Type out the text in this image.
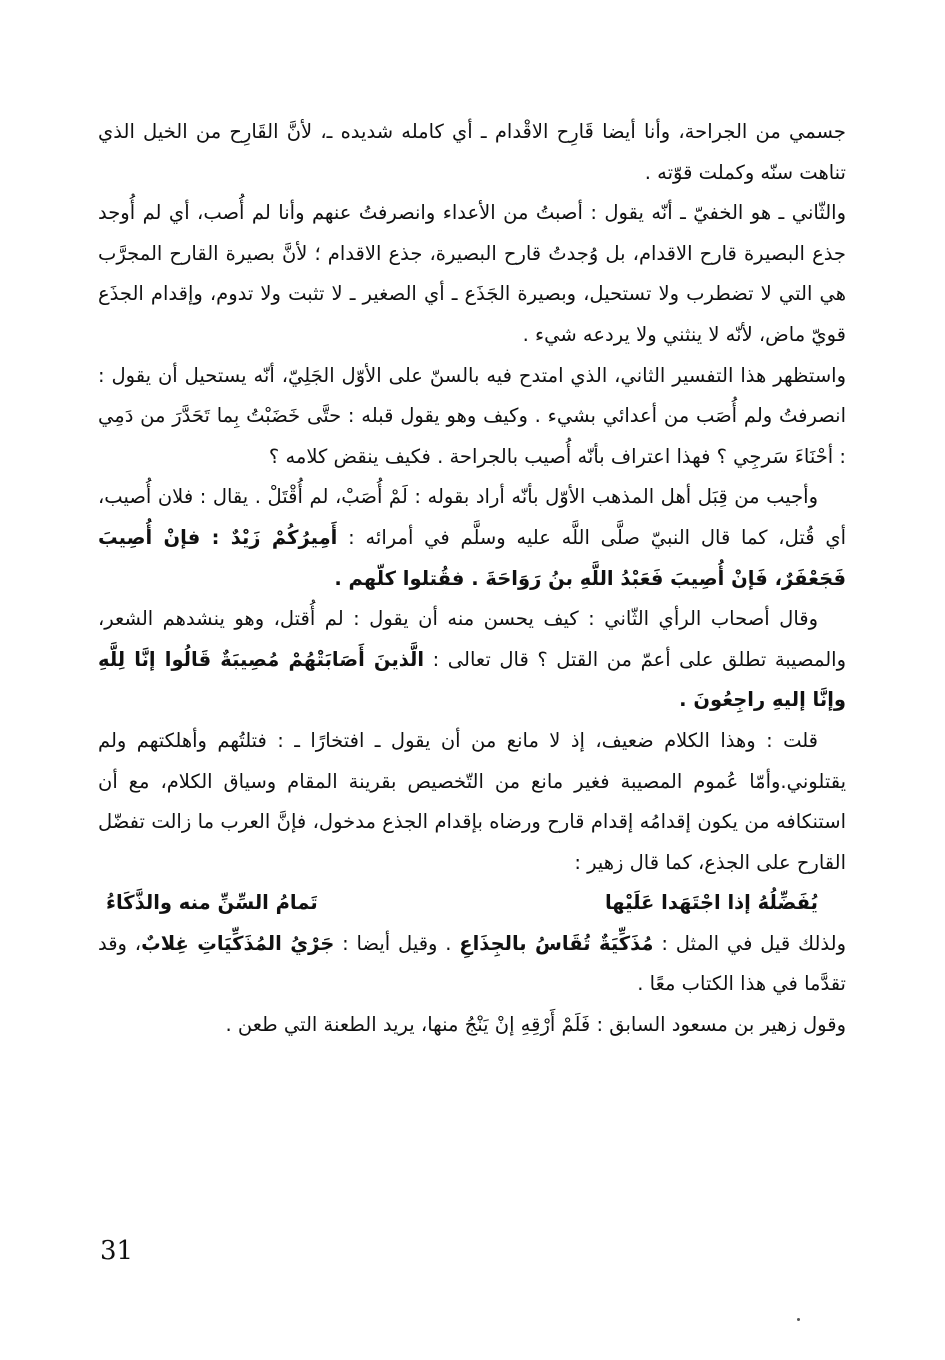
جسمي من الجراحة، وأنا أيضا قَارِح الاقْدام ـ أي كامله شديده ـ، لأنَّ القَارِح من الخيل الذي تناهت سنّه وكملت قوّته .

والثّاني ـ هو الخفيّ ـ أنّه يقول : أصبتُ من الأعداء وانصرفتُ عنهم وأنا لم أُصب، أي لم أُوجد جذع البصيرة قارح الاقدام، بل وُجدتُ قارح البصيرة، جذع الاقدام ؛ لأنَّ بصيرة القارح المجرَّب هي التي لا تضطرب ولا تستحيل، وبصيرة الجَذَع ـ أي الصغير ـ لا تثبت ولا تدوم، وإقدام الجذَع قويّ ماض، لأنّه لا ينثني ولا يردعه شيء .

واستظهر هذا التفسير الثاني، الذي امتدح فيه بالسنّ على الأوّل الجَلِيّ، أنّه يستحيل أن يقول : انصرفتُ ولم أُصَب من أعدائي بشيء . وكيف وهو يقول قبله : حتَّى خَضَبْتُ بِما تَحَدَّرَ من دَمِي : أحْنَاءَ سَرجِي ؟ فهذا اعتراف بأنّه أُصيب بالجراحة . فكيف ينقض كلامه ؟

وأجيب من قِبَل أهل المذهب الأوّل بأنّه أراد بقوله : لَمْ أُصَبْ، لم أُقْتَلْ . يقال : فلان أُصيب، أي قُتل، كما قال النبيّ صلَّى اللَّه عليه وسلَّم في أمرائه : أَمِيرُكُمْ زَيْدٌ : فإنْ أُصِيبَ فَجَعْفَرٌ، فَإنْ أُصِيبَ فَعَبْدُ اللَّهِ بنُ رَوَاحَةَ . فقُتلوا كلّهم .

وقال أصحاب الرأي الثّاني : كيف يحسن منه أن يقول : لم أُقتل، وهو ينشدهم الشعر، والمصيبة تطلق على أعمّ من القتل ؟ قال تعالى : الَّذينَ أَصَابَتْهُمْ مُصِيبَةٌ قَالُوا إنَّا لِلَّهِ وإنَّا إليهِ راجِعُونَ .

قلت : وهذا الكلام ضعيف، إذ لا مانع من أن يقول ـ افتخارًا ـ : فتلتُهم وأهلكتهم ولم يقتلوني.وأمّا عُموم المصيبة فغير مانع من التّخصيص بقرينة المقام وسياق الكلام، مع أن استنكافه من يكون إقدامُه إقدام قارح ورضاه بإقدام الجذع مدخول، فإنَّ العرب ما زالت تفضّل القارح على الجذع، كما قال زهير :

يُفَضِّلُهُ إذا اجْتَهَدا عَلَيْها
تَمامُ السِّنِّ منه والذَّكَاءُ

ولذلك قيل في المثل : مُذَكِّيَةٌ تُقَاسُ بالجِذَاعِ . وقيل أيضا : جَرْيُ المُذَكِّيَاتِ غِلابٌ، وقد تقدَّما في هذا الكتاب معًا .

وقول زهير بن مسعود السابق : فَلَمْ أَرْقِهِ إنْ يَنْجُ منها، يريد الطعنة التي طعن .

31
